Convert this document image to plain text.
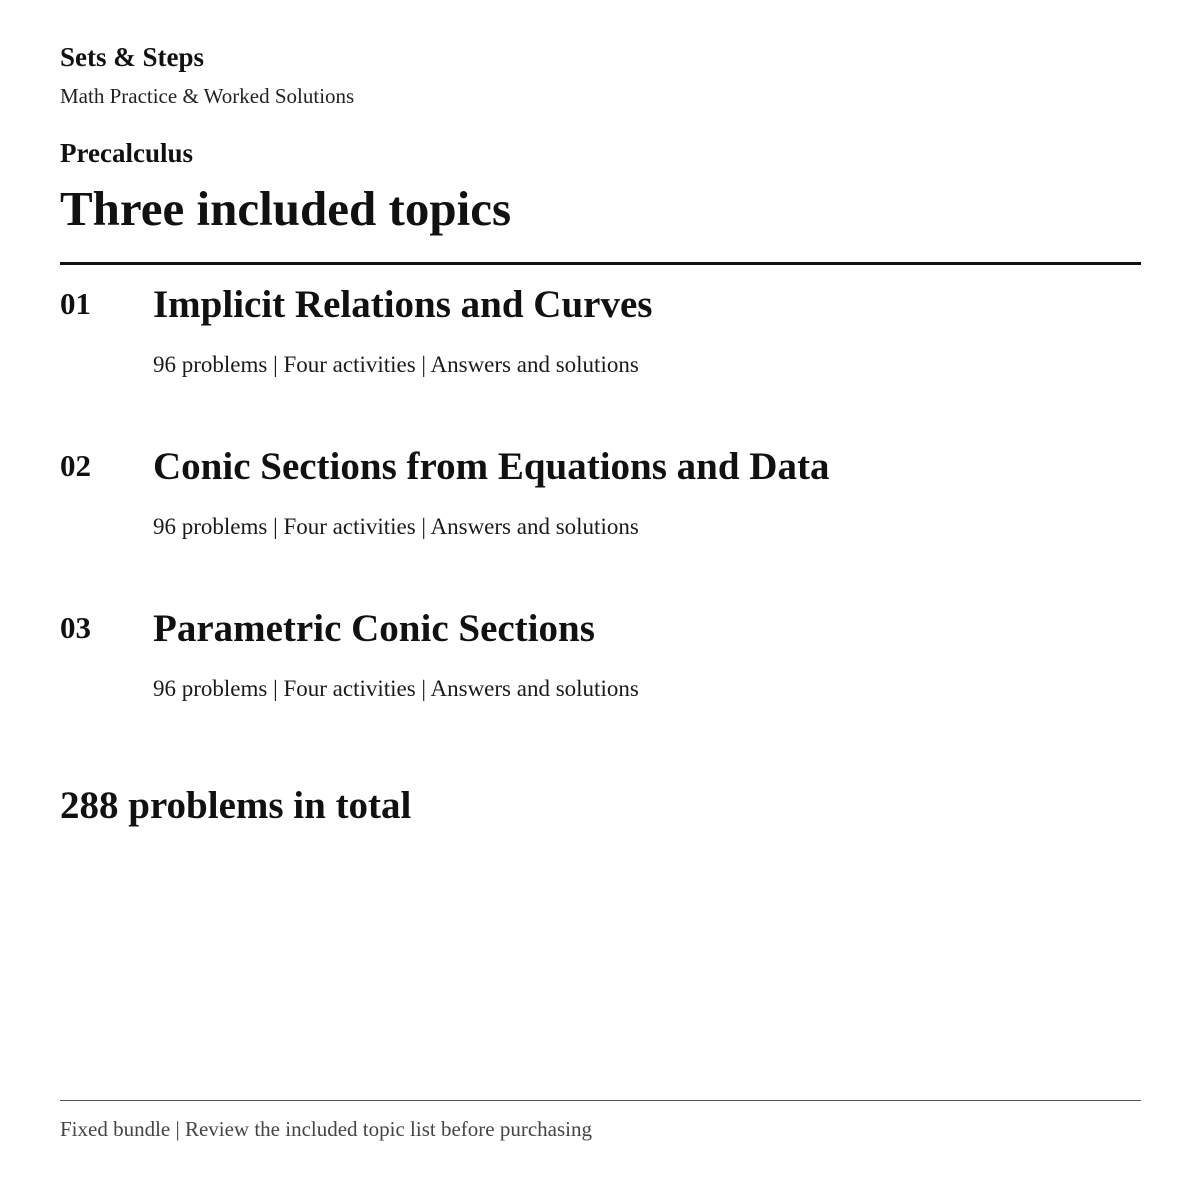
Sets & Steps
Math Practice & Worked Solutions
Precalculus
Three included topics
01 Implicit Relations and Curves
96 problems | Four activities | Answers and solutions
02 Conic Sections from Equations and Data
96 problems | Four activities | Answers and solutions
03 Parametric Conic Sections
96 problems | Four activities | Answers and solutions
288 problems in total
Fixed bundle | Review the included topic list before purchasing
